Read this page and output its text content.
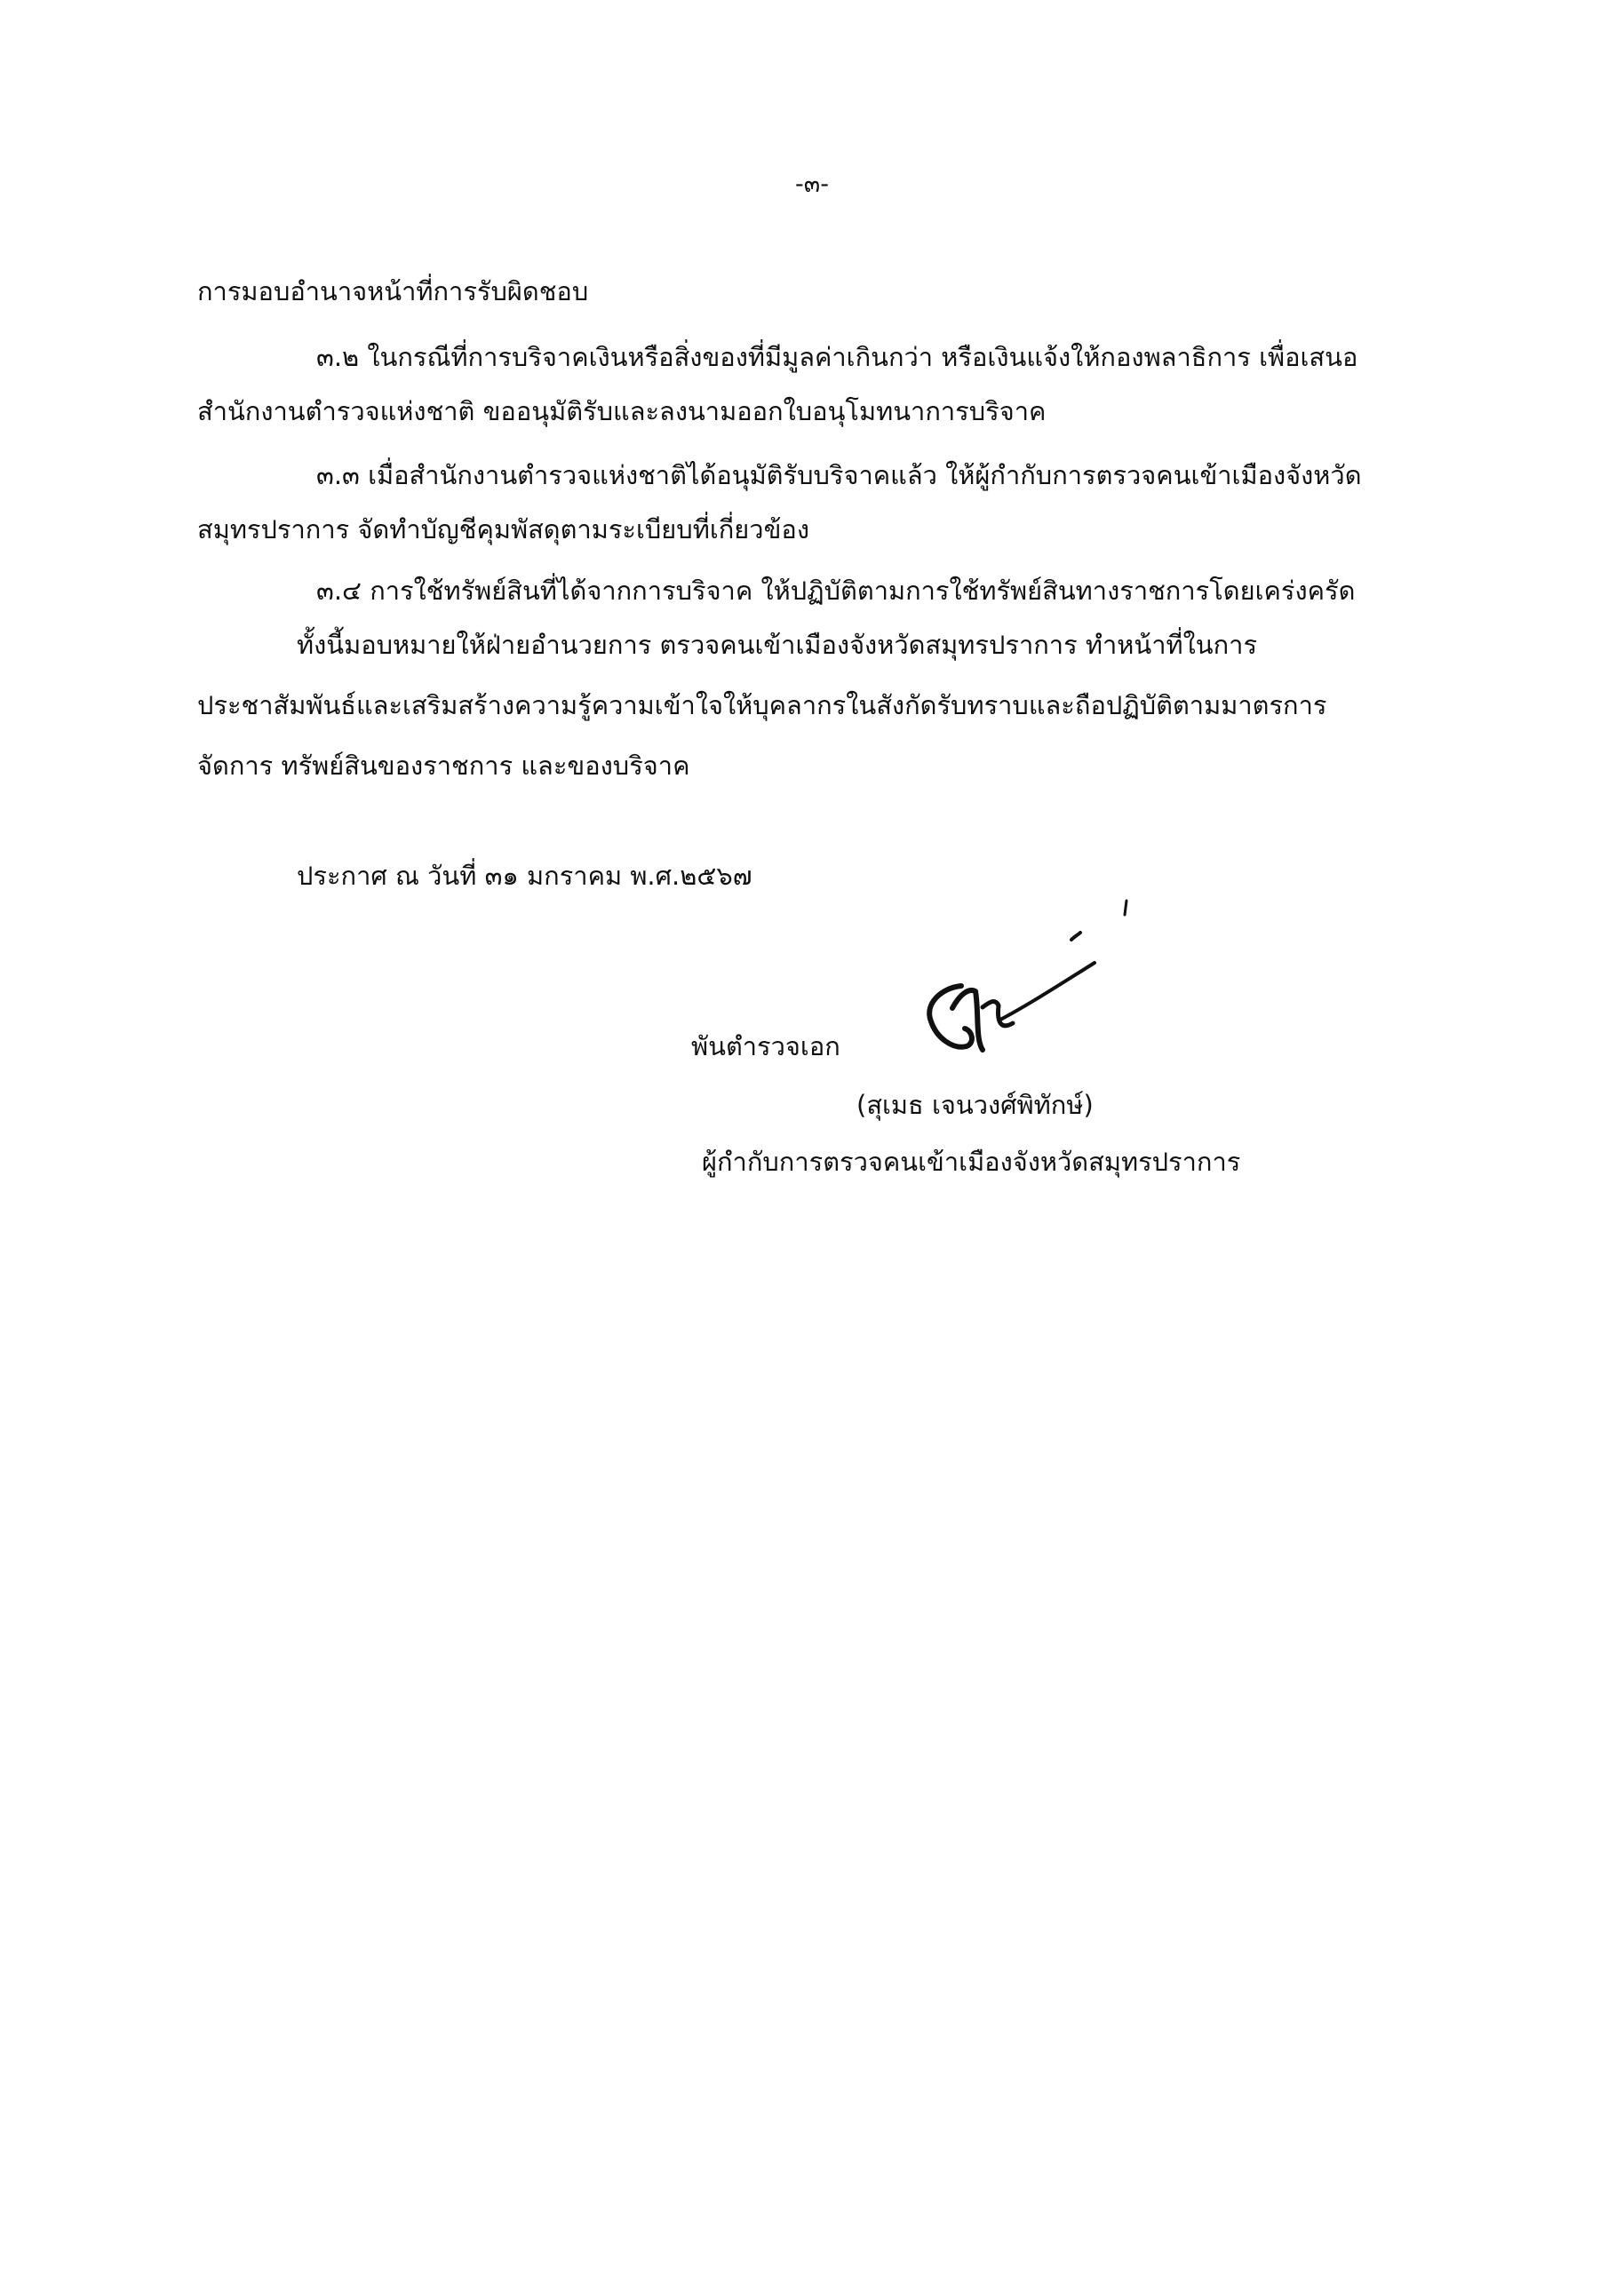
-๓-
การมอบอำนาจหน้าที่การรับผิดชอบ
๓.๒ ในกรณีที่การบริจาคเงินหรือสิ่งของที่มีมูลค่าเกินกว่า หรือเงินแจ้งให้กองพลาธิการ เพื่อเสนอ
สำนักงานตำรวจแห่งชาติ ขออนุมัติรับและลงนามออกใบอนุโมทนาการบริจาค
๓.๓ เมื่อสำนักงานตำรวจแห่งชาติได้อนุมัติรับบริจาคแล้ว ให้ผู้กำกับการตรวจคนเข้าเมืองจังหวัด
สมุทรปราการ จัดทำบัญชีคุมพัสดุตามระเบียบที่เกี่ยวข้อง
๓.๔ การใช้ทรัพย์สินที่ได้จากการบริจาค ให้ปฏิบัติตามการใช้ทรัพย์สินทางราชการโดยเคร่งครัด
ทั้งนี้มอบหมายให้ฝ่ายอำนวยการ ตรวจคนเข้าเมืองจังหวัดสมุทรปราการ ทำหน้าที่ในการ
ประชาสัมพันธ์และเสริมสร้างความรู้ความเข้าใจให้บุคลากรในสังกัดรับทราบและถือปฏิบัติตามมาตรการ
จัดการ ทรัพย์สินของราชการ และของบริจาค
ประกาศ ณ วันที่ ๓๑ มกราคม พ.ศ.๒๕๖๗
พันตำรวจเอก
(สุเมธ เจนวงศ์พิทักษ์)
ผู้กำกับการตรวจคนเข้าเมืองจังหวัดสมุทรปราการ
